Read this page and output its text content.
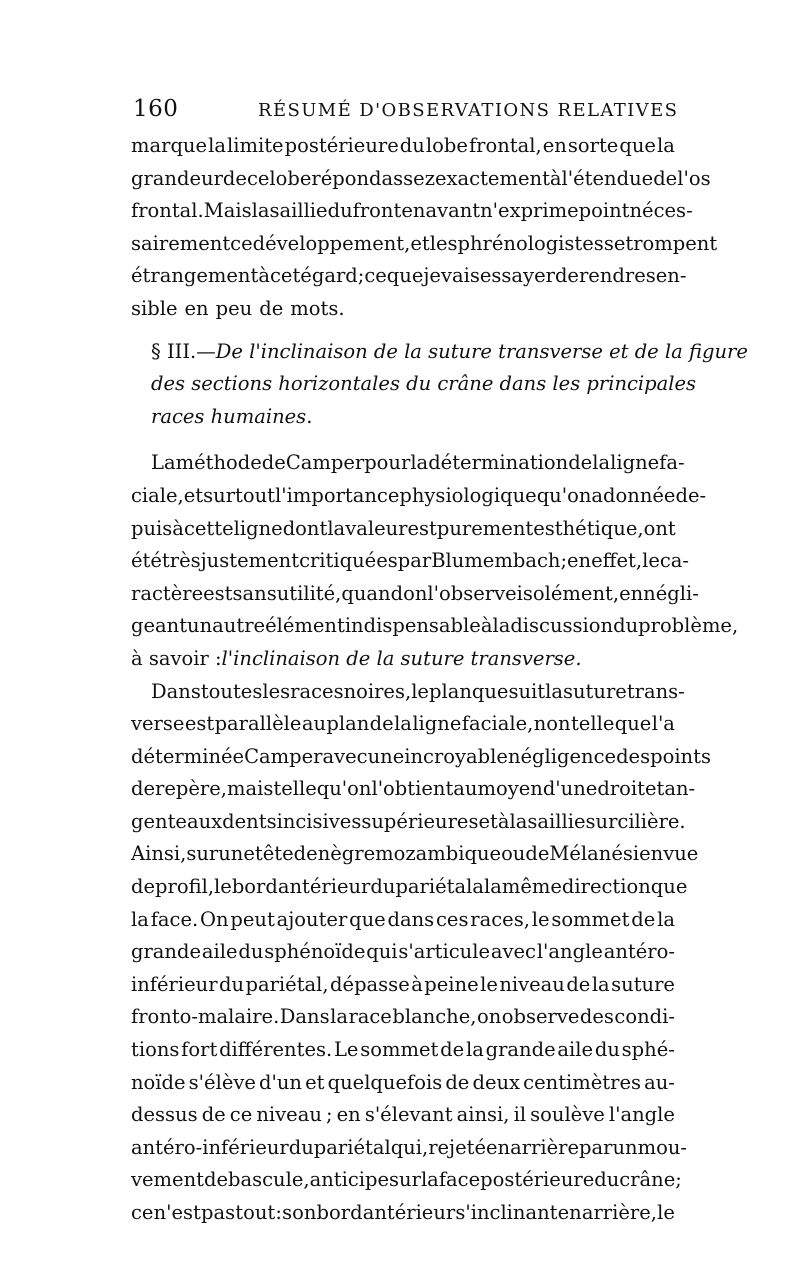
160	RÉSUMÉ D'OBSERVATIONS RELATIVES
marque la limite postérieure du lobe frontal, en sorte que la
grandeur de ce lobe répond assez exactement à l'étendue de l'os
frontal. Mais la saillie du front en avant n'exprime point néces-
sairement ce développement, et les phrénologistes se trompent
étrangement à cet égard ; ce que je vais essayer de rendre sen-
sible en peu de mots.
§ III.—De l'inclinaison de la suture transverse et de la figure
des sections horizontales du crâne dans les principales
races humaines.
La méthode de Camper pour la détermination de la ligne fa-
ciale, et surtout l'importance physiologique qu'on a donnée de-
puis à cette ligne dont la valeur est purement esthétique, ont
été très justement critiquées par Blumembach ; en effet, le ca-
ractère est sans utilité, quand on l'observe isolément, en négli-
geant un autre élément indispensable à la discussion du problème,
à savoir : l'inclinaison de la suture transverse.
Dans toutes les races noires, le plan que suit la suture trans-
verse est parallèle au plan de la ligne faciale, non telle que l'a
déterminée Camper avec une incroyable négligence des points
de repère, mais telle qu'on l'obtient au moyen d'une droite tan-
gente aux dents incisives supérieures et à la saillie surcilière.
Ainsi, sur une tête de nègre mozambique ou de Mélanésien vue
de profil, le bord antérieur du pariétal a la même direction que
la face. On peut ajouter que dans ces races, le sommet de la
grande aile du sphénoïde qui s'articule avec l'angle antéro-
inférieur du pariétal, dépasse à peine le niveau de la suture
fronto-malaire. Dans la race blanche, on observe des condi-
tions fort différentes. Le sommet de la grande aile du sphé-
noïde s'élève d'un et quelquefois de deux centimètres au-
dessus de ce niveau ; en s'élevant ainsi, il soulève l'angle
antéro-inférieur du pariétal qui, rejeté en arrière par un mou-
vement de bascule, anticipe sur la face postérieure du crâne ;
ce n'est pas tout : son bord antérieur s'inclinant en arrière, le
